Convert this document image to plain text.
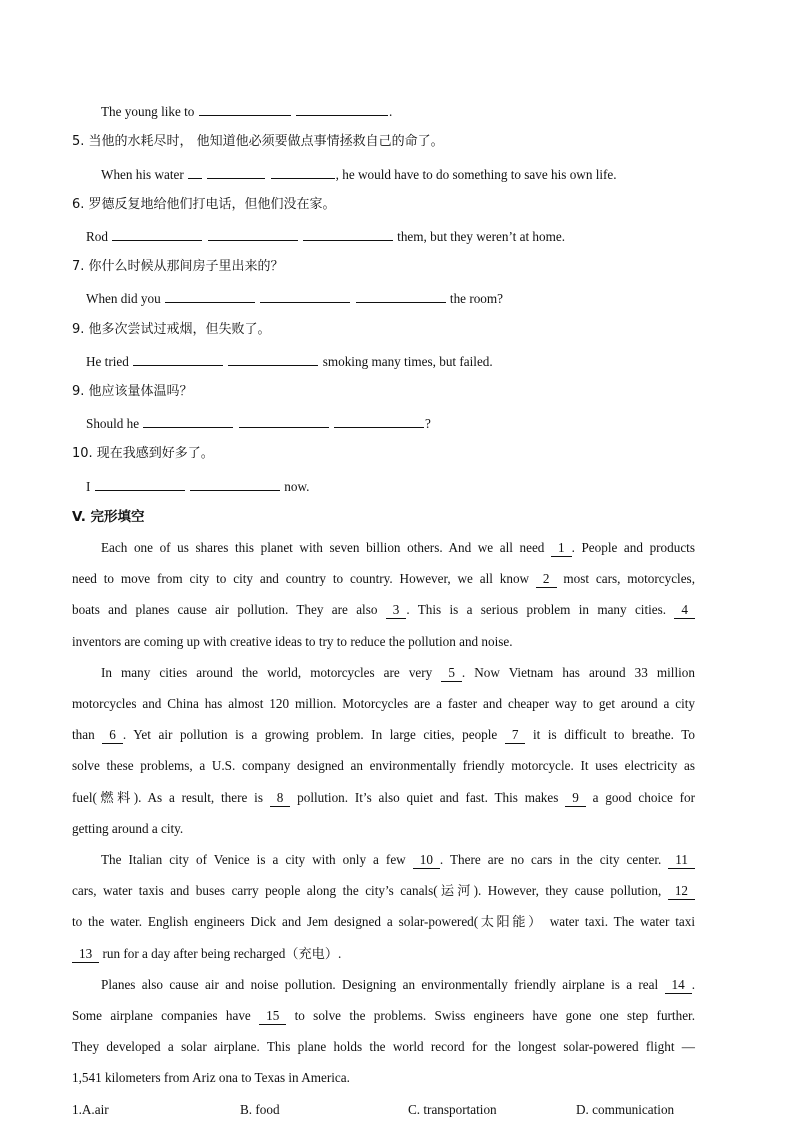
The young like to	.
5. 当他的水耗尽时， 他知道他必须要做点事情拯救自己的命了。
When his water	, he would have to do something to save his own life.
6. 罗德反复地给他们打电话，但他们没在家。
Rod	them, but they weren’t at home.
7. 你什么时候从那间房子里出来的？
When did you	the room?
9. 他多次尝试过戒烟，但失败了。
He tried	smoking many times, but failed.
9. 他应该量体温吗？
Should he	?
10. 现在我感到好多了。
I	now.
V. 完形填空
Each one of us shares this planet with seven billion others. And we all need 1 . People and products
need to move from city to city and country to country. However, we all know 2 most cars, motorcycles,
boats and planes cause air pollution. They are also 3 . This is a serious problem in many cities. 4
inventors are coming up with creative ideas to try to reduce the pollution and noise.
In many cities around the world, motorcycles are very 5 . Now Vietnam has around 33 million
motorcycles and China has almost 120 million. Motorcycles are a faster and cheaper way to get around a city
than 6 . Yet air pollution is a growing problem. In large cities, people 7 it is difficult to breathe. To
solve these problems, a U.S. company designed an environmentally friendly motorcycle. It uses electricity as
fuel(燃料). As a result, there is 8 pollution. It’s also quiet and fast. This makes 9 a good choice for
getting around a city.
The Italian city of Venice is a city with only a few 10 . There are no cars in the city center. 11
cars, water taxis and buses carry people along the city’s canals(运河). However, they cause pollution, 12
to the water. English engineers Dick and Jem designed a solar-powered(太阳能） water taxi. The water taxi
13 run for a day after being recharged（充电）.
Planes also cause air and noise pollution. Designing an environmentally friendly airplane is a real 14 .
Some airplane companies have 15 to solve the problems. Swiss engineers have gone one step further.
They developed a solar airplane. This plane holds the world record for the longest solar-powered flight —
1,541 kilometers from Ariz ona to Texas in America.
1.A.air	B. food	C. transportation	D. communication
